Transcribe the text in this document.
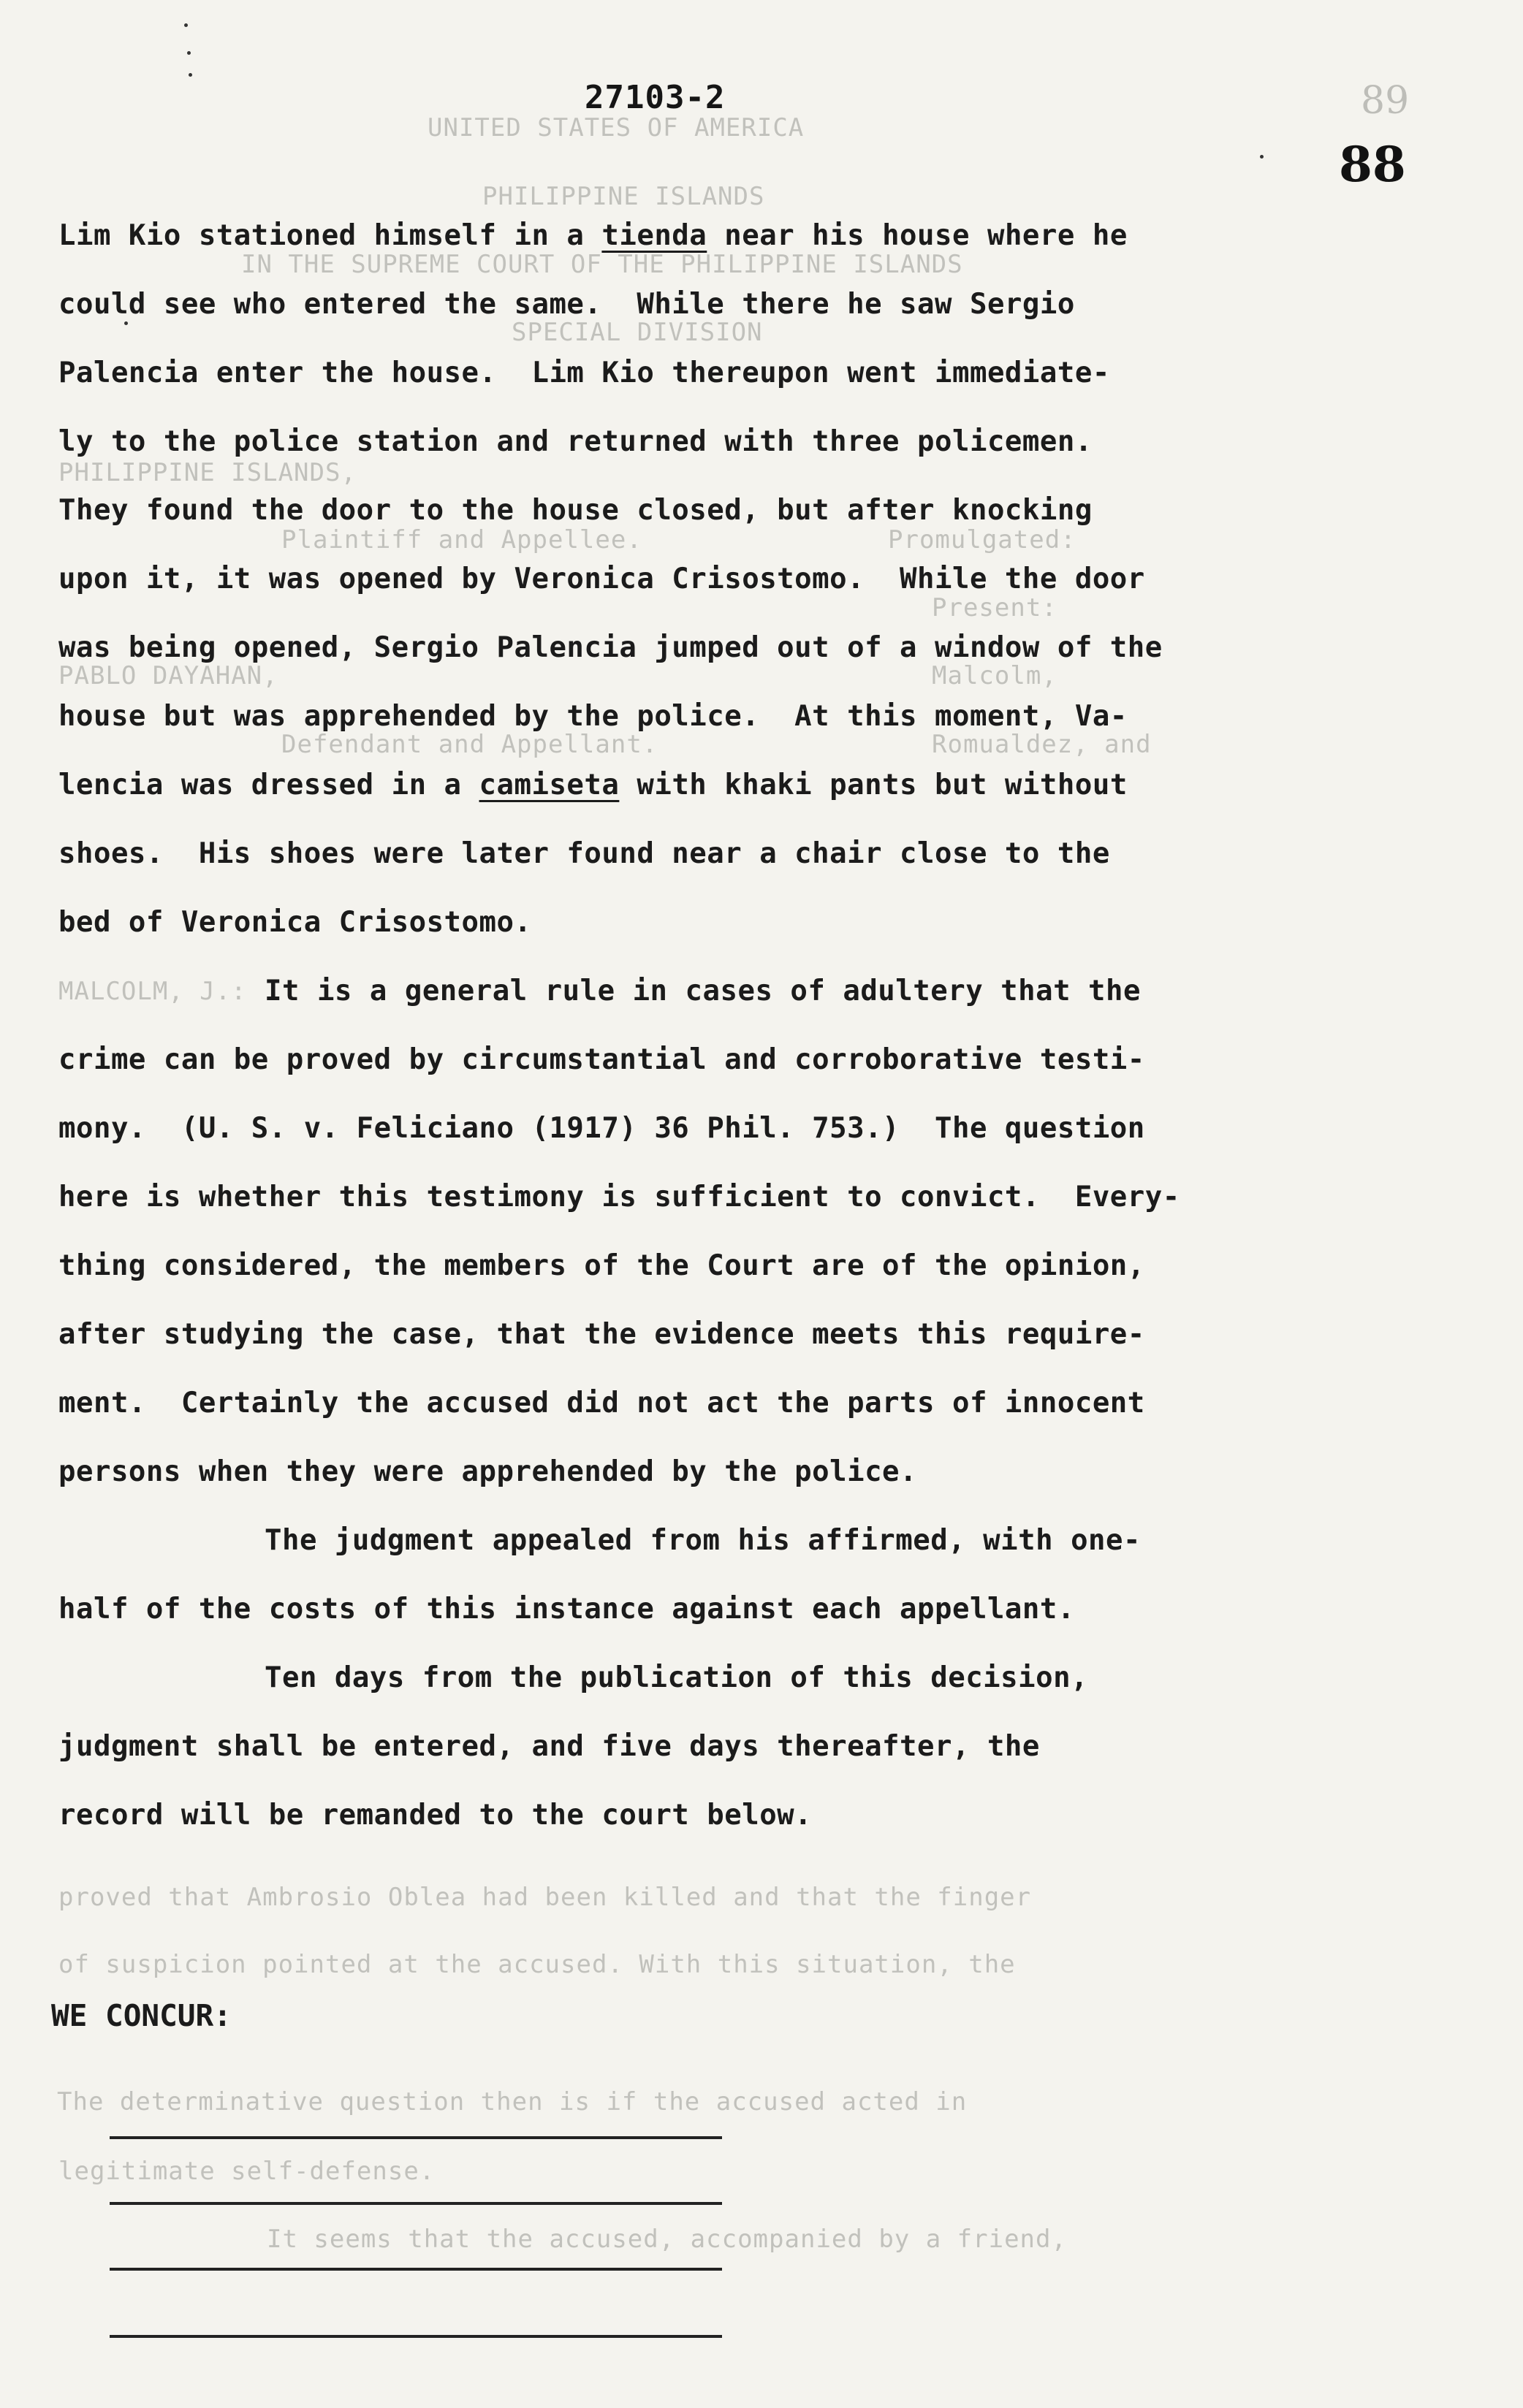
UNITED STATES OF AMERICA
PHILIPPINE ISLANDS
IN THE SUPREME COURT OF THE PHILIPPINE ISLANDS
SPECIAL DIVISION
PHILIPPINE ISLANDS,
Plaintiff and Appellee.	Promulgated:
Present:
PABLO DAYAHAN,	Malcolm,
Defendant and Appellant.	Romualdez, and
MALCOLM, J.:
The determinative question then is if the accused acted in
legitimate self-defense.
proved that Ambrosio Oblea had been killed and that the finger
of suspicion pointed at the accused. With this situation, the
It seems that the accused, accompanied by a friend,
27103-2	89
88

Lim Kio stationed himself in a tienda near his house where he

could see who entered the same.  While there he saw Sergio

Palencia enter the house.  Lim Kio thereupon went immediate-

ly to the police station and returned with three policemen.

They found the door to the house closed, but after knocking

upon it, it was opened by Veronica Crisostomo.  While the door

was being opened, Sergio Palencia jumped out of a window of the

house but was apprehended by the police.  At this moment, Va-

lencia was dressed in a camiseta with khaki pants but without

shoes.  His shoes were later found near a chair close to the

bed of Veronica Crisostomo.

It is a general rule in cases of adultery that the

crime can be proved by circumstantial and corroborative testi-

mony.  (U. S. v. Feliciano (1917) 36 Phil. 753.)  The question

here is whether this testimony is sufficient to convict.  Every-

thing considered, the members of the Court are of the opinion,

after studying the case, that the evidence meets this require-

ment.  Certainly the accused did not act the parts of innocent

persons when they were apprehended by the police.

The judgment appealed from his affirmed, with one-

half of the costs of this instance against each appellant.

Ten days from the publication of this decision,

judgment shall be entered, and five days thereafter, the

record will be remanded to the court below.

WE CONCUR:
